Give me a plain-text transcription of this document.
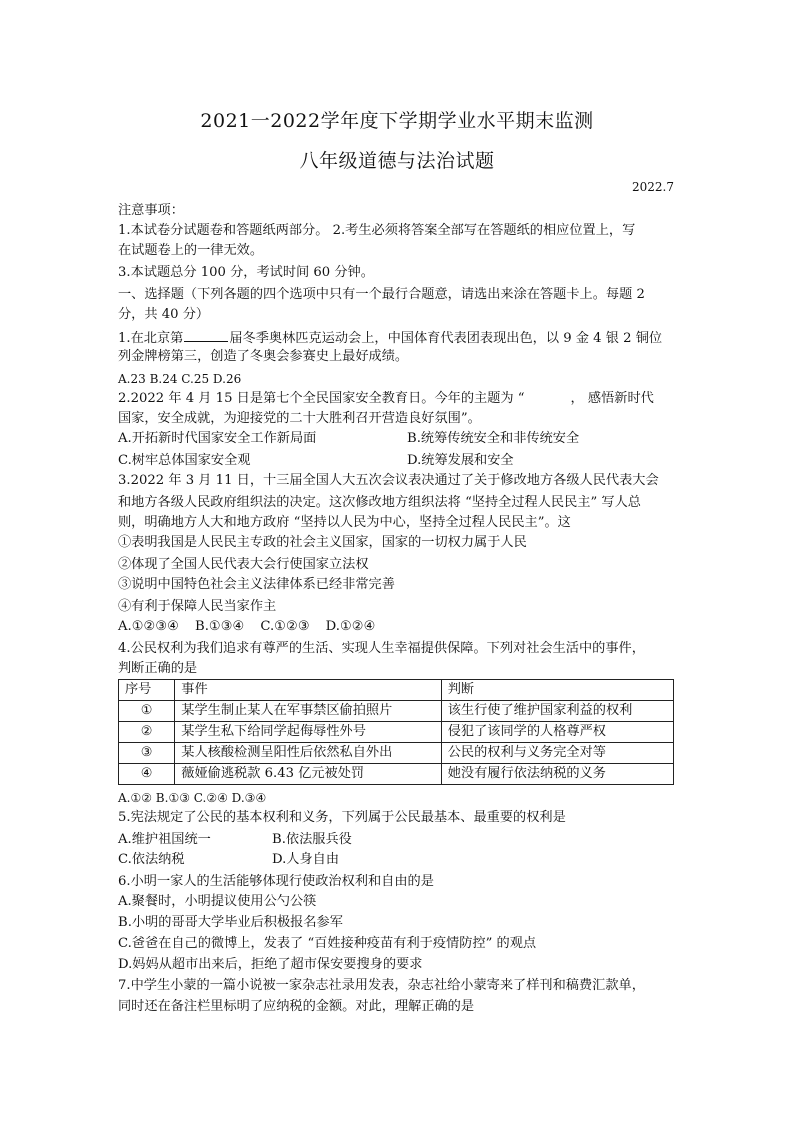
2021一2022学年度下学期学业水平期末监测
八年级道德与法治试题
2022.7
注意事项：
1.本试卷分试题卷和答题纸两部分。 2.考生必须将答案全部写在答题纸的相应位置上，写
在试题卷上的一律无效。
3.本试题总分 100 分，考试时间 60 分钟。
一、选择题（下列各题的四个选项中只有一个最行合题意，请选出来涂在答题卡上。每题 2
分，共 40 分）
1.在北京第	届冬季奥林匹克运动会上，中国体育代表团表现出色，以 9 金 4 银 2 铜位
列金牌榜第三，创造了冬奥会参赛史上最好成绩。
A.23 B.24 C.25 D.26
2.2022 年 4 月 15 日是第七个全民国家安全教育日。今年的主题为 “	， 感悟新时代
国家，安全成就，为迎接党的二十大胜利召开营造良好氛围”。
A.开拓新时代国家安全工作新局面	B.统筹传统安全和非传统安全
C.树牢总体国家安全观	D.统筹发展和安全
3.2022 年 3 月 11 日，十三届全国人大五次会议表决通过了关于修改地方各级人民代表大会
和地方各级人民政府组织法的决定。这次修改地方组织法将 “坚持全过程人民民主” 写人总
则，明确地方人大和地方政府 “坚持以人民为中心，坚持全过程人民民主”。这
①表明我国是人民民主专政的社会主义国家，国家的一切权力属于人民
②体现了全国人民代表大会行使国家立法权
③说明中国特色社会主义法律体系已经非常完善
④有利于保障人民当家作主
A.①②③④ B.①③④ C.①②③ D.①②④
4.公民权利为我们追求有尊严的生活、实现人生幸福提供保障。下列对社会生活中的事件，
判断正确的是
序号	事件	判断
①	某学生制止某人在军事禁区偷拍照片	该生行使了维护国家利益的权利
②	某学生私下给同学起侮辱性外号	侵犯了该同学的人格尊严权
③	某人核酸检测呈阳性后依然私自外出	公民的权利与义务完全对等
④	薇娅偷逃税款 6.43 亿元被处罚	她没有履行依法纳税的义务
A.①② B.①③ C.②④ D.③④
5.宪法规定了公民的基本权利和义务，下列属于公民最基本、最重要的权利是
A.维护祖国统一	B.依法服兵役
C.依法纳税	D.人身自由
6.小明一家人的生活能够体现行使政治权利和自由的是
A.聚餐时，小明提议使用公勺公筷
B.小明的哥哥大学毕业后积极报名参军
C.爸爸在自己的微博上，发表了 “百姓接种疫苗有利于疫情防控” 的观点
D.妈妈从超市出来后，拒绝了超市保安要搜身的要求
7.中学生小蒙的一篇小说被一家杂志社录用发表，杂志社给小蒙寄来了样刊和稿费汇款单，
同时还在备注栏里标明了应纳税的金额。对此，理解正确的是
